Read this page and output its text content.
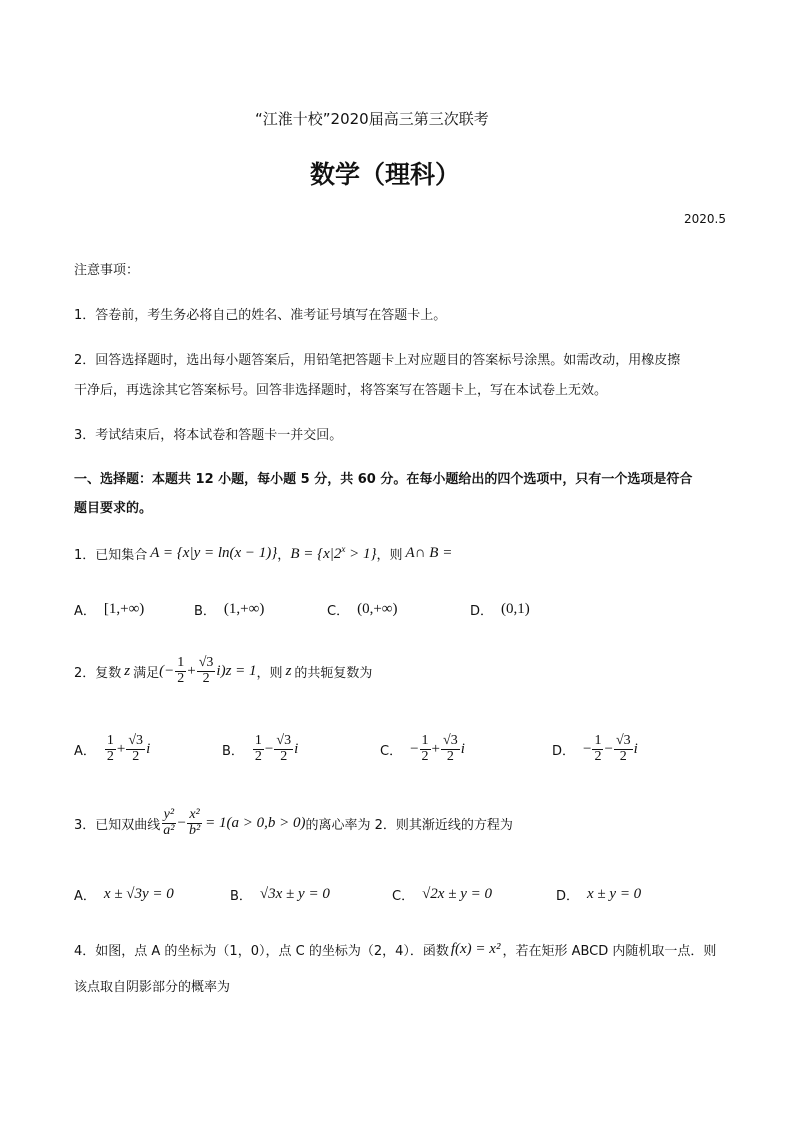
“江淮十校”2020届高三第三次联考
数学（理科）
2020.5
注意事项：
1．答卷前，考生务必将自己的姓名、准考证号填写在答题卡上。
2．回答选择题时，选出每小题答案后，用铅笔把答题卡上对应题目的答案标号涂黑。如需改动，用橡皮擦
干净后，再选涂其它答案标号。回答非选择题时，将答案写在答题卡上，写在本试卷上无效。
3．考试结束后，将本试卷和答题卡一并交回。
一、选择题：本题共 12 小题，每小题 5 分，共 60 分。在每小题给出的四个选项中，只有一个选项是符合
题目要求的。
1．已知集合 A = {x|y = ln(x − 1)} ， $B = \{x|2^x > 1\}$ ，则 A∩ B =
A． [1,+∞)	B． (1,+∞)	C． (0,+∞)	D． (0,1)
2．复数 z 满足 (− $\frac{1}{2} + \frac{√3}{2} i)z = 1$ ，则 z 的共轭复数为
A． $\frac{1}{2} + \frac{√3}{2}$ i	B． $\frac{1}{2} - \frac{√3}{2}$ i	C． − $\frac{1}{2} + \frac{√3}{2}$ i	D． − $\frac{1}{2} - \frac{√3}{2}$ i
3．已知双曲线 $\frac{\text{y²}}{\text{a²}} - \frac{\text{x²}}{\text{b²}} = 1(a > 0,b > 0)$ 的离心率为 2．则其渐近线的方程为
A． x ± √3y = 0	B． √3x ± y = 0	C． √2x ± y = 0	D． x ± y = 0
4．如图，点 A 的坐标为（1，0），点 C 的坐标为（2，4）．函数 f(x) = x² ，若在矩形 ABCD 内随机取一点．则
该点取自阴影部分的概率为
